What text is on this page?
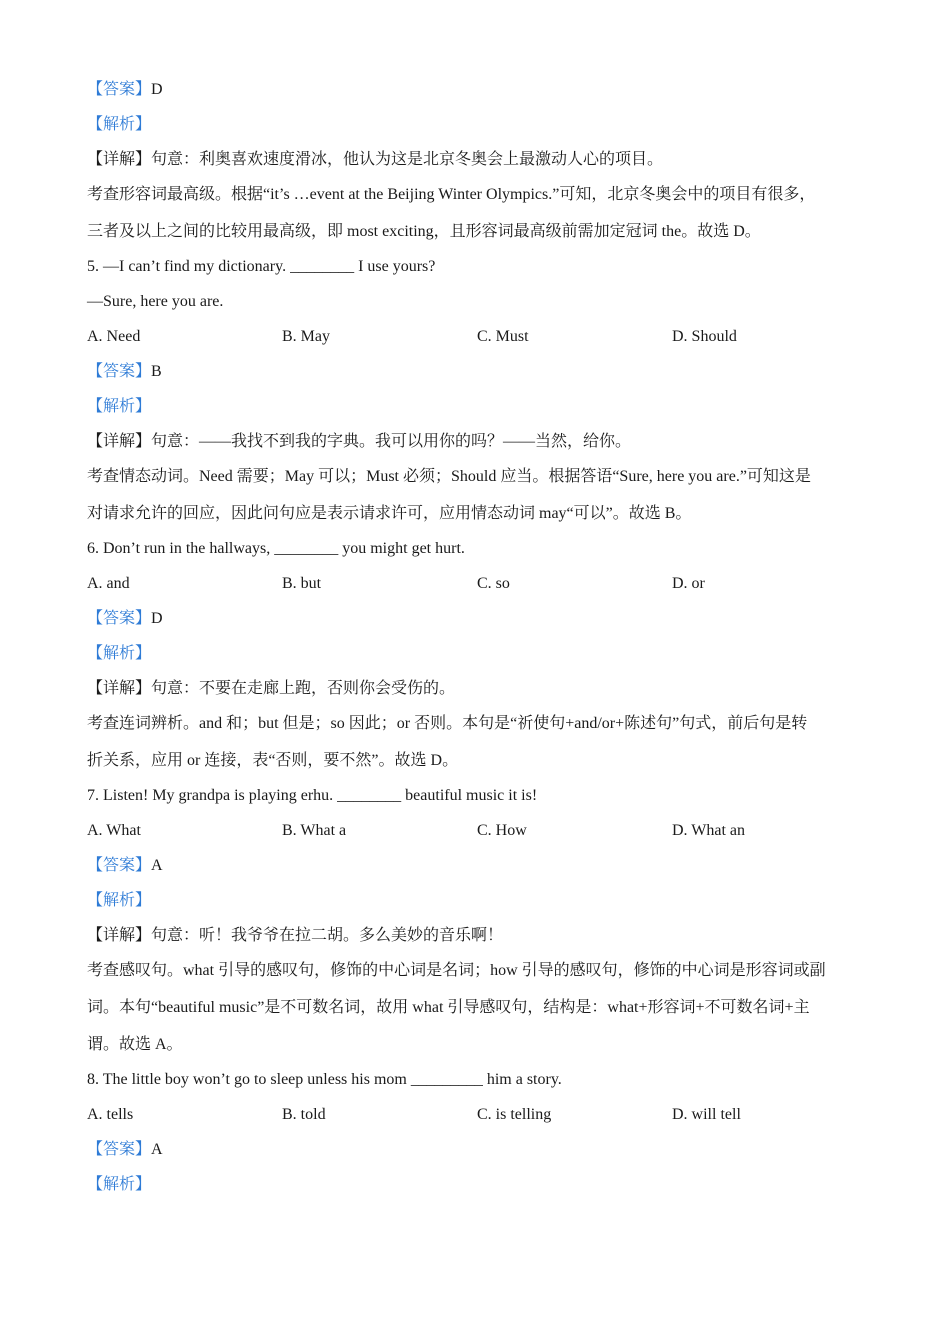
【答案】D
【解析】
【详解】句意：利奥喜欢速度滑冰，他认为这是北京冬奥会上最激动人心的项目。
考查形容词最高级。根据“it’s …event at the Beijing Winter Olympics.”可知，北京冬奥会中的项目有很多，
三者及以上之间的比较用最高级，即 most exciting，且形容词最高级前需加定冠词 the。故选 D。
5. —I can’t find my dictionary. ________ I use yours?
—Sure, here you are.
A. Need	B. May	C. Must	D. Should
【答案】B
【解析】
【详解】句意：——我找不到我的字典。我可以用你的吗？——当然，给你。
考查情态动词。Need 需要；May 可以；Must 必须；Should 应当。根据答语“Sure, here you are.”可知这是
对请求允许的回应，因此问句应是表示请求许可，应用情态动词 may“可以”。故选 B。
6. Don’t run in the hallways, ________ you might get hurt.
A. and	B. but	C. so	D. or
【答案】D
【解析】
【详解】句意：不要在走廊上跑，否则你会受伤的。
考查连词辨析。and 和；but 但是；so 因此；or 否则。本句是“祈使句+and/or+陈述句”句式，前后句是转
折关系，应用 or 连接，表“否则，要不然”。故选 D。
7. Listen! My grandpa is playing erhu. ________ beautiful music it is!
A. What	B. What a	C. How	D. What an
【答案】A
【解析】
【详解】句意：听！我爷爷在拉二胡。多么美妙的音乐啊！
考查感叹句。what 引导的感叹句，修饰的中心词是名词；how 引导的感叹句，修饰的中心词是形容词或副
词。本句“beautiful music”是不可数名词，故用 what 引导感叹句，结构是：what+形容词+不可数名词+主
谓。故选 A。
8. The little boy won’t go to sleep unless his mom _________ him a story.
A. tells	B. told	C. is telling	D. will tell
【答案】A
【解析】
